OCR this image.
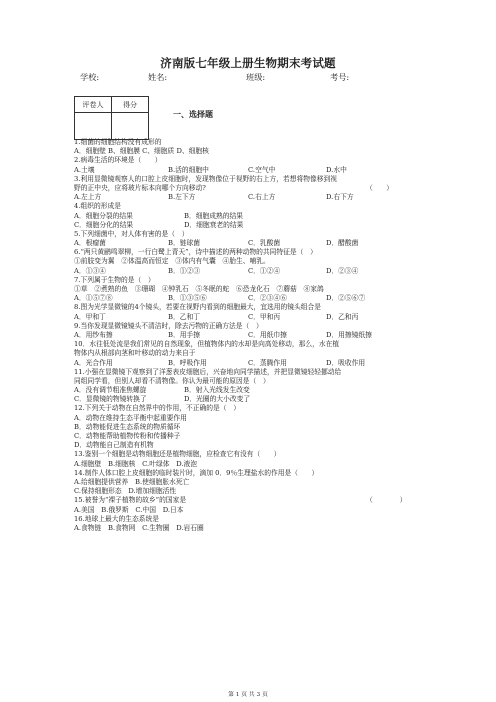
济南版七年级上册生物期末考试题
学校:	姓名:	班级:	考号:
评卷人	得分

一、选择题
1.细菌的细胞结构没有成形的
A．细胞壁 B、细胞膜 C、细胞质 D、细胞核
2.病毒生活的环境是（　　）
A.土壤	B.活的细胞中	C.空气中	D.水中
3.利用显微镜观察人的口腔上皮细胞时，发现物像位于视野的右上方，若想将物像移到视
野的正中央，应将玻片标本向哪个方向移动?	（　　）
A.左上方	B.左下方	C.右上方	D.右下方
4.组织的形成是
A．细胞分裂的结果	B．细胞成熟的结果
C．细胞分化的结果	D．细胞衰老的结果
5.下列细菌中，对人体有害的是（　）
A．根瘤菌	B．链球菌	C．乳酸菌	D．醋酸菌
6.“两只黄鹂鸣翠柳，一行白鹭上青天”，诗中描述的两种动物的共同特征是（　）
①前肢变为翼　②体温高而恒定　③体内有气囊　④胎生、哺乳。
A．①③④	B．①②③	C．①②④	D．②③④
7.下列属于生物的是（　）
①草　②煮熟的鱼　③珊瑚　④钟乳石　⑤冬眠的蛇　⑥恐龙化石　⑦蘑菇　⑧家鸽
A．①⑤⑦⑧	B．①③⑤⑥	C．②③④⑥	D．②⑤⑥⑦
8.图为光学显微镜的4个镜头，若要在视野内看到的细胞最大，宜选用的镜头组合是
A．甲和丁	B．乙和丁	C．甲和丙	D．乙和丙
9.当你发现显微镜镜头不清洁时，除去污物的正确方法是（　）
A．用纱布擦	B．用手擦	C．用纸巾擦	D．用擦镜纸擦
10．水往低处流是我们常见的自然现象，但植物体内的水却是向高处移动，那么，水在植
物体内从根部向茎和叶移动的动力来自于
A．光合作用	B．呼吸作用	C．蒸腾作用	D．吸收作用
11.小强在显微镜下观察到了洋葱表皮细胞后，兴奋地向同学描述，并把显微镜轻轻挪动给
同组同学看，但别人却看不清物像。你认为最可能的原因是（　）
A．没有调节粗准焦螺旋	B．射入光线发生改变
C．显微镜的物镜转换了	D．光圈的大小改变了
12.下列关于动物在自然界中的作用，不正确的是（　）
A．动物在维持生态平衡中起重要作用
B．动物能促进生态系统的物质循环
C．动物能帮助植物传粉和传播种子
D．动物能自己制造有机物
13.鉴别一个细胞是动物细胞还是植物细胞，应检查它有没有（　　）
A.细胞壁　B.细胞核　C.叶绿体　D.液泡
14.制作人体口腔上皮细胞的临时装片时，滴加 0．9％生理盐水的作用是（　　）
A.给细胞提供营养　B.使细胞胀水死亡
C.保持细胞形态　D.增加细胞活性
15.被誉为“裸子植物的故乡”的国家是	（　　　　）
A.美国　B.俄罗斯　C.中国　D.日本
16.地球上最大的生态系统是
A.食物链　B.食物网　C.生物圈　D.岩石圈
第 1 页 共 3 页
